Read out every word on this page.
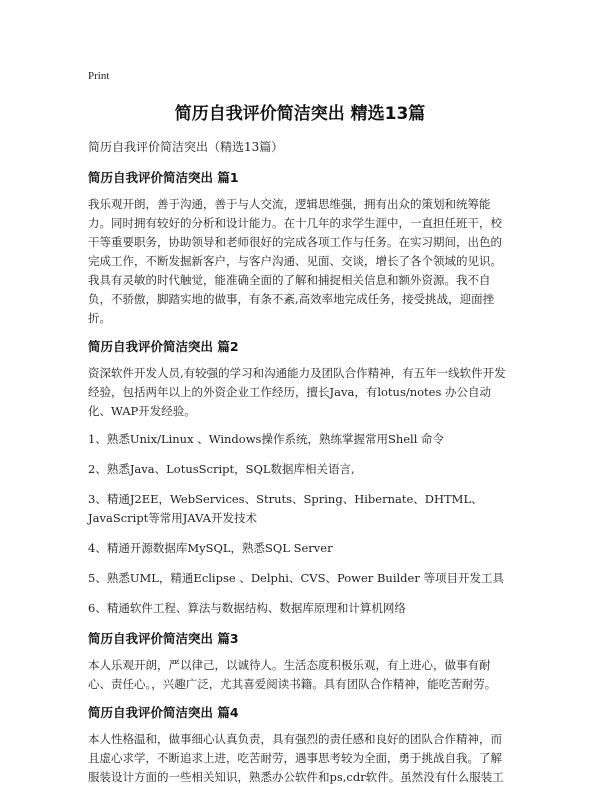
Print
简历自我评价简洁突出 精选13篇
简历自我评价简洁突出（精选13篇）
简历自我评价简洁突出 篇1

我乐观开朗，善于沟通，善于与人交流，逻辑思维强，拥有出众的策划和统筹能力。同时拥有较好的分析和设计能力。在十几年的求学生涯中，一直担任班干，校干等重要职务，协助领导和老师很好的完成各项工作与任务。在实习期间，出色的完成工作，不断发掘新客户，与客户沟通、见面、交谈，增长了各个领域的见识。我具有灵敏的时代触觉，能准确全面的了解和捕捉相关信息和额外资源。我不自负，不骄傲，脚踏实地的做事，有条不紊,高效率地完成任务，接受挑战，迎面挫折。

简历自我评价简洁突出 篇2

资深软件开发人员,有较强的学习和沟通能力及团队合作精神，有五年一线软件开发经验，包括两年以上的外资企业工作经历，擅长Java，有lotus/notes 办公自动化、WAP开发经验。

1、熟悉Unix/Linux 、Windows操作系统，熟练掌握常用Shell 命令

2、熟悉Java、LotusScript，SQL数据库相关语言,

3、精通J2EE，WebServices、Struts、Spring、Hibernate、DHTML、JavaScript等常用JAVA开发技术

4、精通开源数据库MySQL，熟悉SQL Server

5、熟悉UML，精通Eclipse 、Delphi、CVS、Power Builder 等项目开发工具

6、精通软件工程、算法与数据结构、数据库原理和计算机网络

简历自我评价简洁突出 篇3

本人乐观开朗，严以律己，以诚待人。生活态度积极乐观，有上进心，做事有耐心、责任心。，兴趣广泛，尤其喜爱阅读书籍。具有团队合作精神，能吃苦耐劳。

简历自我评价简洁突出 篇4

本人性格温和，做事细心认真负责，具有强烈的责任感和良好的团队合作精神，而且虚心求学，不断追求上进，吃苦耐劳，遇事思考较为全面，勇于挑战自我。了解服装设计方面的一些相关知识，熟悉办公软件和ps,cdr软件。虽然没有什么服装工
